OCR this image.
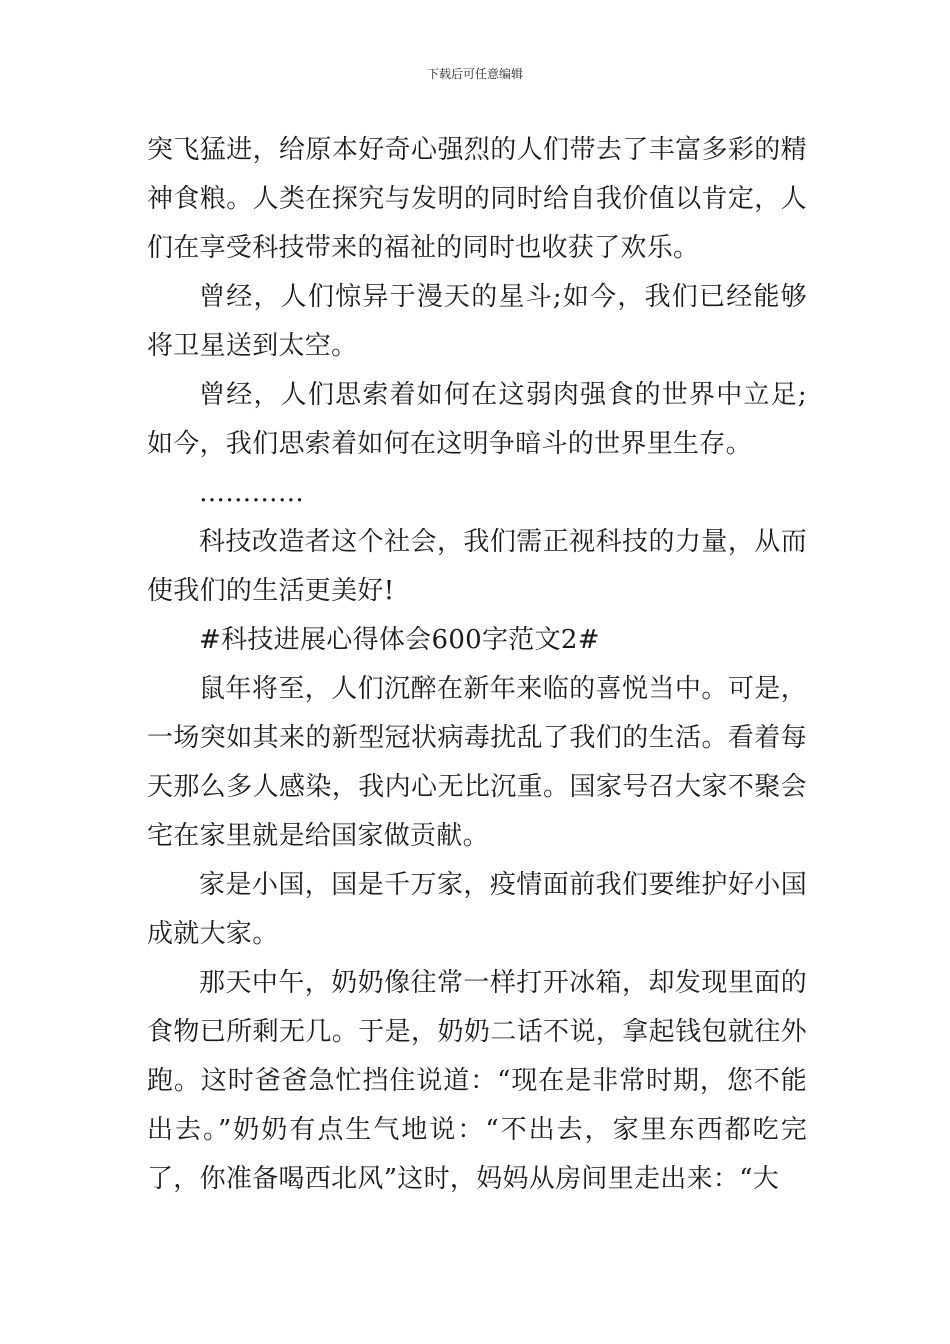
下载后可任意编辑

突飞猛进，给原本好奇心强烈的人们带去了丰富多彩的精神食粮。人类在探究与发明的同时给自我价值以肯定，人们在享受科技带来的福祉的同时也收获了欢乐。

曾经，人们惊异于漫天的星斗;如今，我们已经能够将卫星送到太空。

曾经，人们思索着如何在这弱肉强食的世界中立足;如今，我们思索着如何在这明争暗斗的世界里生存。

…………

科技改造者这个社会，我们需正视科技的力量，从而使我们的生活更美好!

#科技进展心得体会600字范文2#

鼠年将至，人们沉醉在新年来临的喜悦当中。可是，一场突如其来的新型冠状病毒扰乱了我们的生活。看着每天那么多人感染，我内心无比沉重。国家号召大家不聚会宅在家里就是给国家做贡献。

家是小国，国是千万家，疫情面前我们要维护好小国成就大家。

那天中午，奶奶像往常一样打开冰箱，却发现里面的食物已所剩无几。于是，奶奶二话不说，拿起钱包就往外跑。这时爸爸急忙挡住说道：“现在是非常时期，您不能出去。”奶奶有点生气地说：“不出去，家里东西都吃完了，你准备喝西北风”这时，妈妈从房间里走出来：“大
